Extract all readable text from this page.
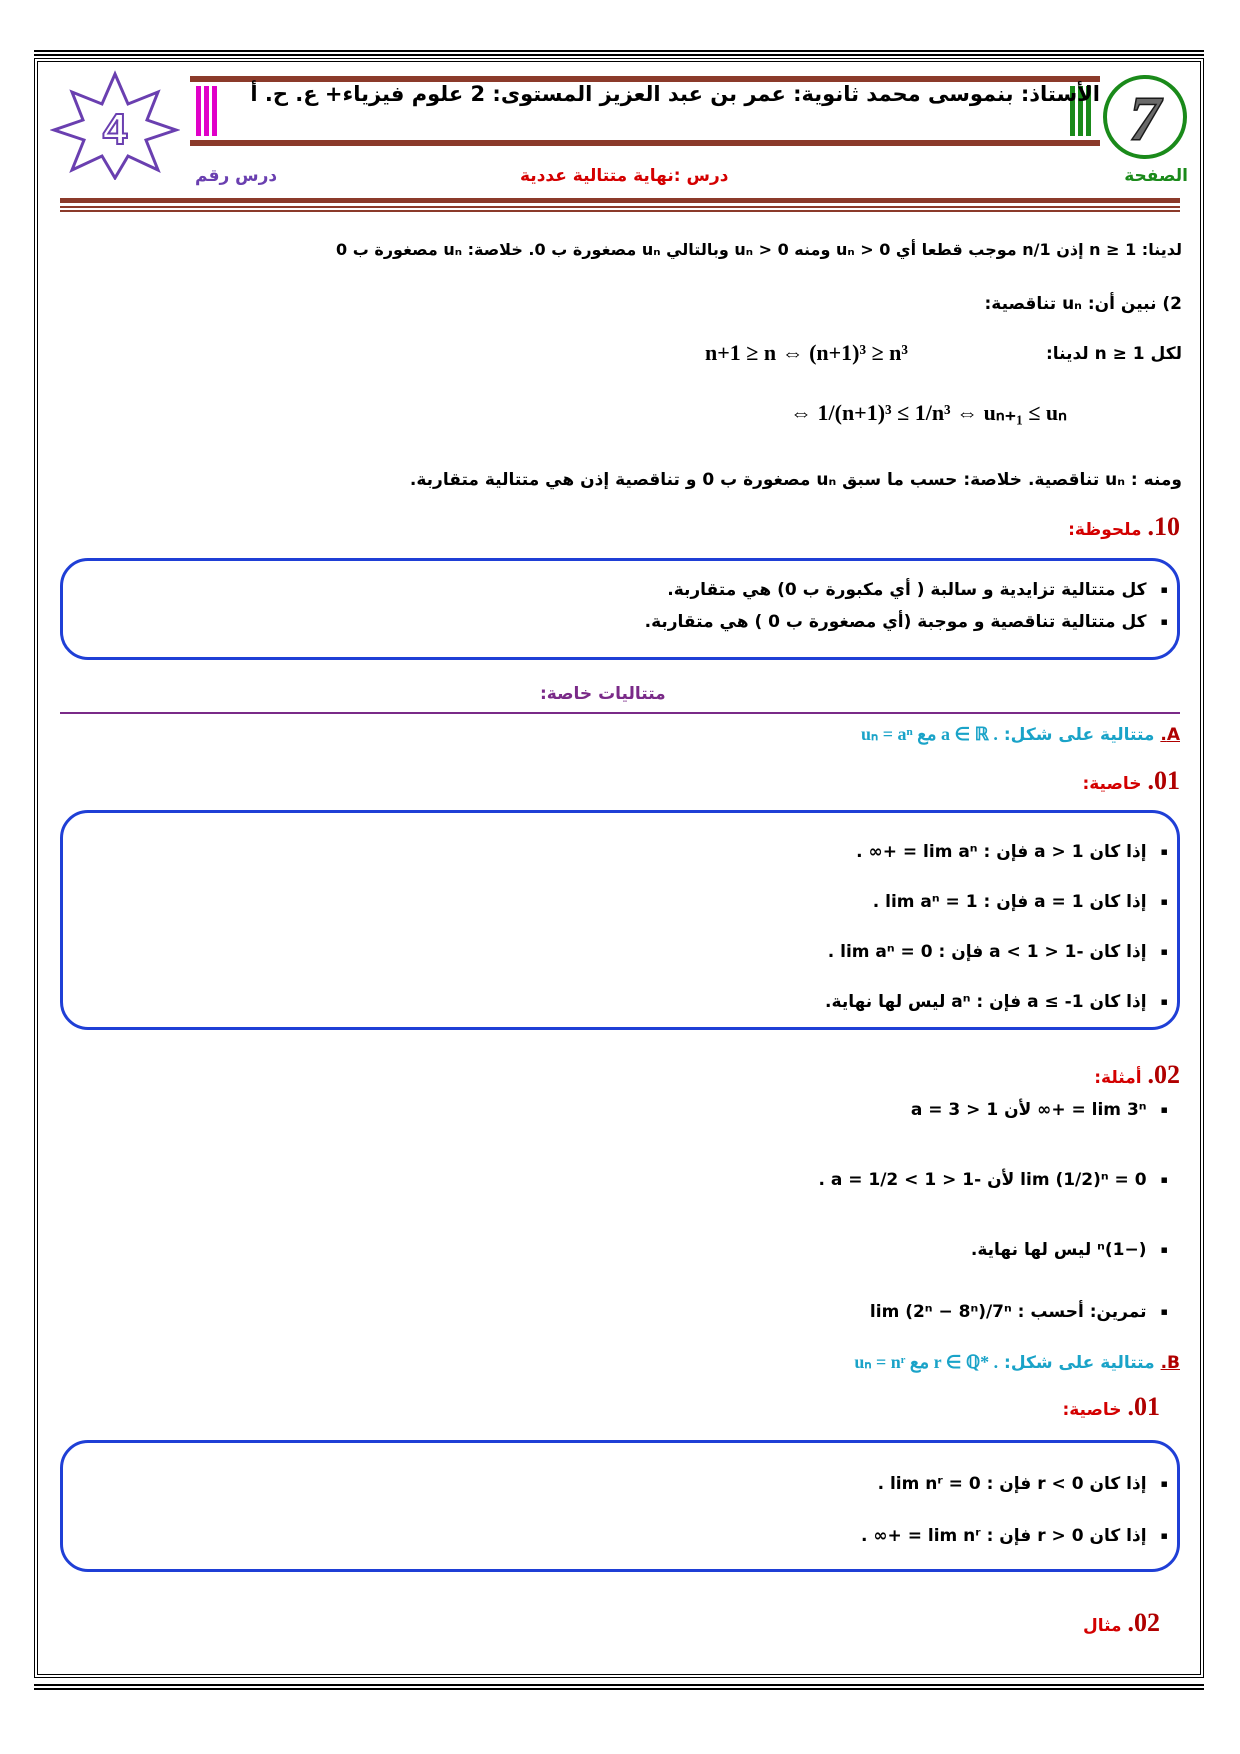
7
4
الأستاذ: بنموسى محمد ثانوية: عمر بن عبد العزيز المستوى: 2 علوم فيزياء+ ع. ح. أ
الصفحة
درس :نهاية متتالية عددية
درس رقم
لدينا: n ≥ 1 إذن 1/n موجب قطعا أي 0 < uₙ ومنه uₙ > 0 وبالتالي uₙ مصغورة ب 0. خلاصة: uₙ مصغورة ب 0
2) نبين أن: uₙ تناقصية:
لكل n ≥ 1 لدينا:
n+1 ≥ n ⇔ (n+1)³ ≥ n³
⇔ 1/(n+1)³ ≤ 1/n³ ⇔ uₙ₊₁ ≤ uₙ
ومنه : uₙ تناقصية. خلاصة: حسب ما سبق uₙ مصغورة ب 0 و تناقصية إذن هي متتالية متقاربة.
10. ملحوظة:
▪ كل متتالية تزايدية و سالبة ( أي مكبورة ب 0) هي متقاربة.
▪ كل متتالية تناقصية و موجبة (أي مصغورة ب 0 ) هي متقاربة.
متتاليات خاصة:
A. متتالية على شكل: uₙ = aⁿ مع a ∈ ℝ .
01. خاصية:
▪ إذا كان a > 1 فإن : lim aⁿ = +∞ .
▪ إذا كان a = 1 فإن : lim aⁿ = 1 .
▪ إذا كان -1 < a < 1 فإن : lim aⁿ = 0 .
▪ إذا كان a ≤ -1 فإن : aⁿ ليس لها نهاية.
02. أمثلة:
▪ lim 3ⁿ = +∞ لأن a = 3 > 1
▪ lim (1/2)ⁿ = 0 لأن -1 < a = 1/2 < 1 .
▪ (−1)ⁿ ليس لها نهاية.
▪ تمرين: أحسب : lim (2ⁿ − 8ⁿ)/7ⁿ
B. متتالية على شكل: uₙ = nʳ مع r ∈ ℚ* .
01. خاصية:
▪ إذا كان r < 0 فإن : lim nʳ = 0 .
▪ إذا كان r > 0 فإن : lim nʳ = +∞ .
02. مثال
